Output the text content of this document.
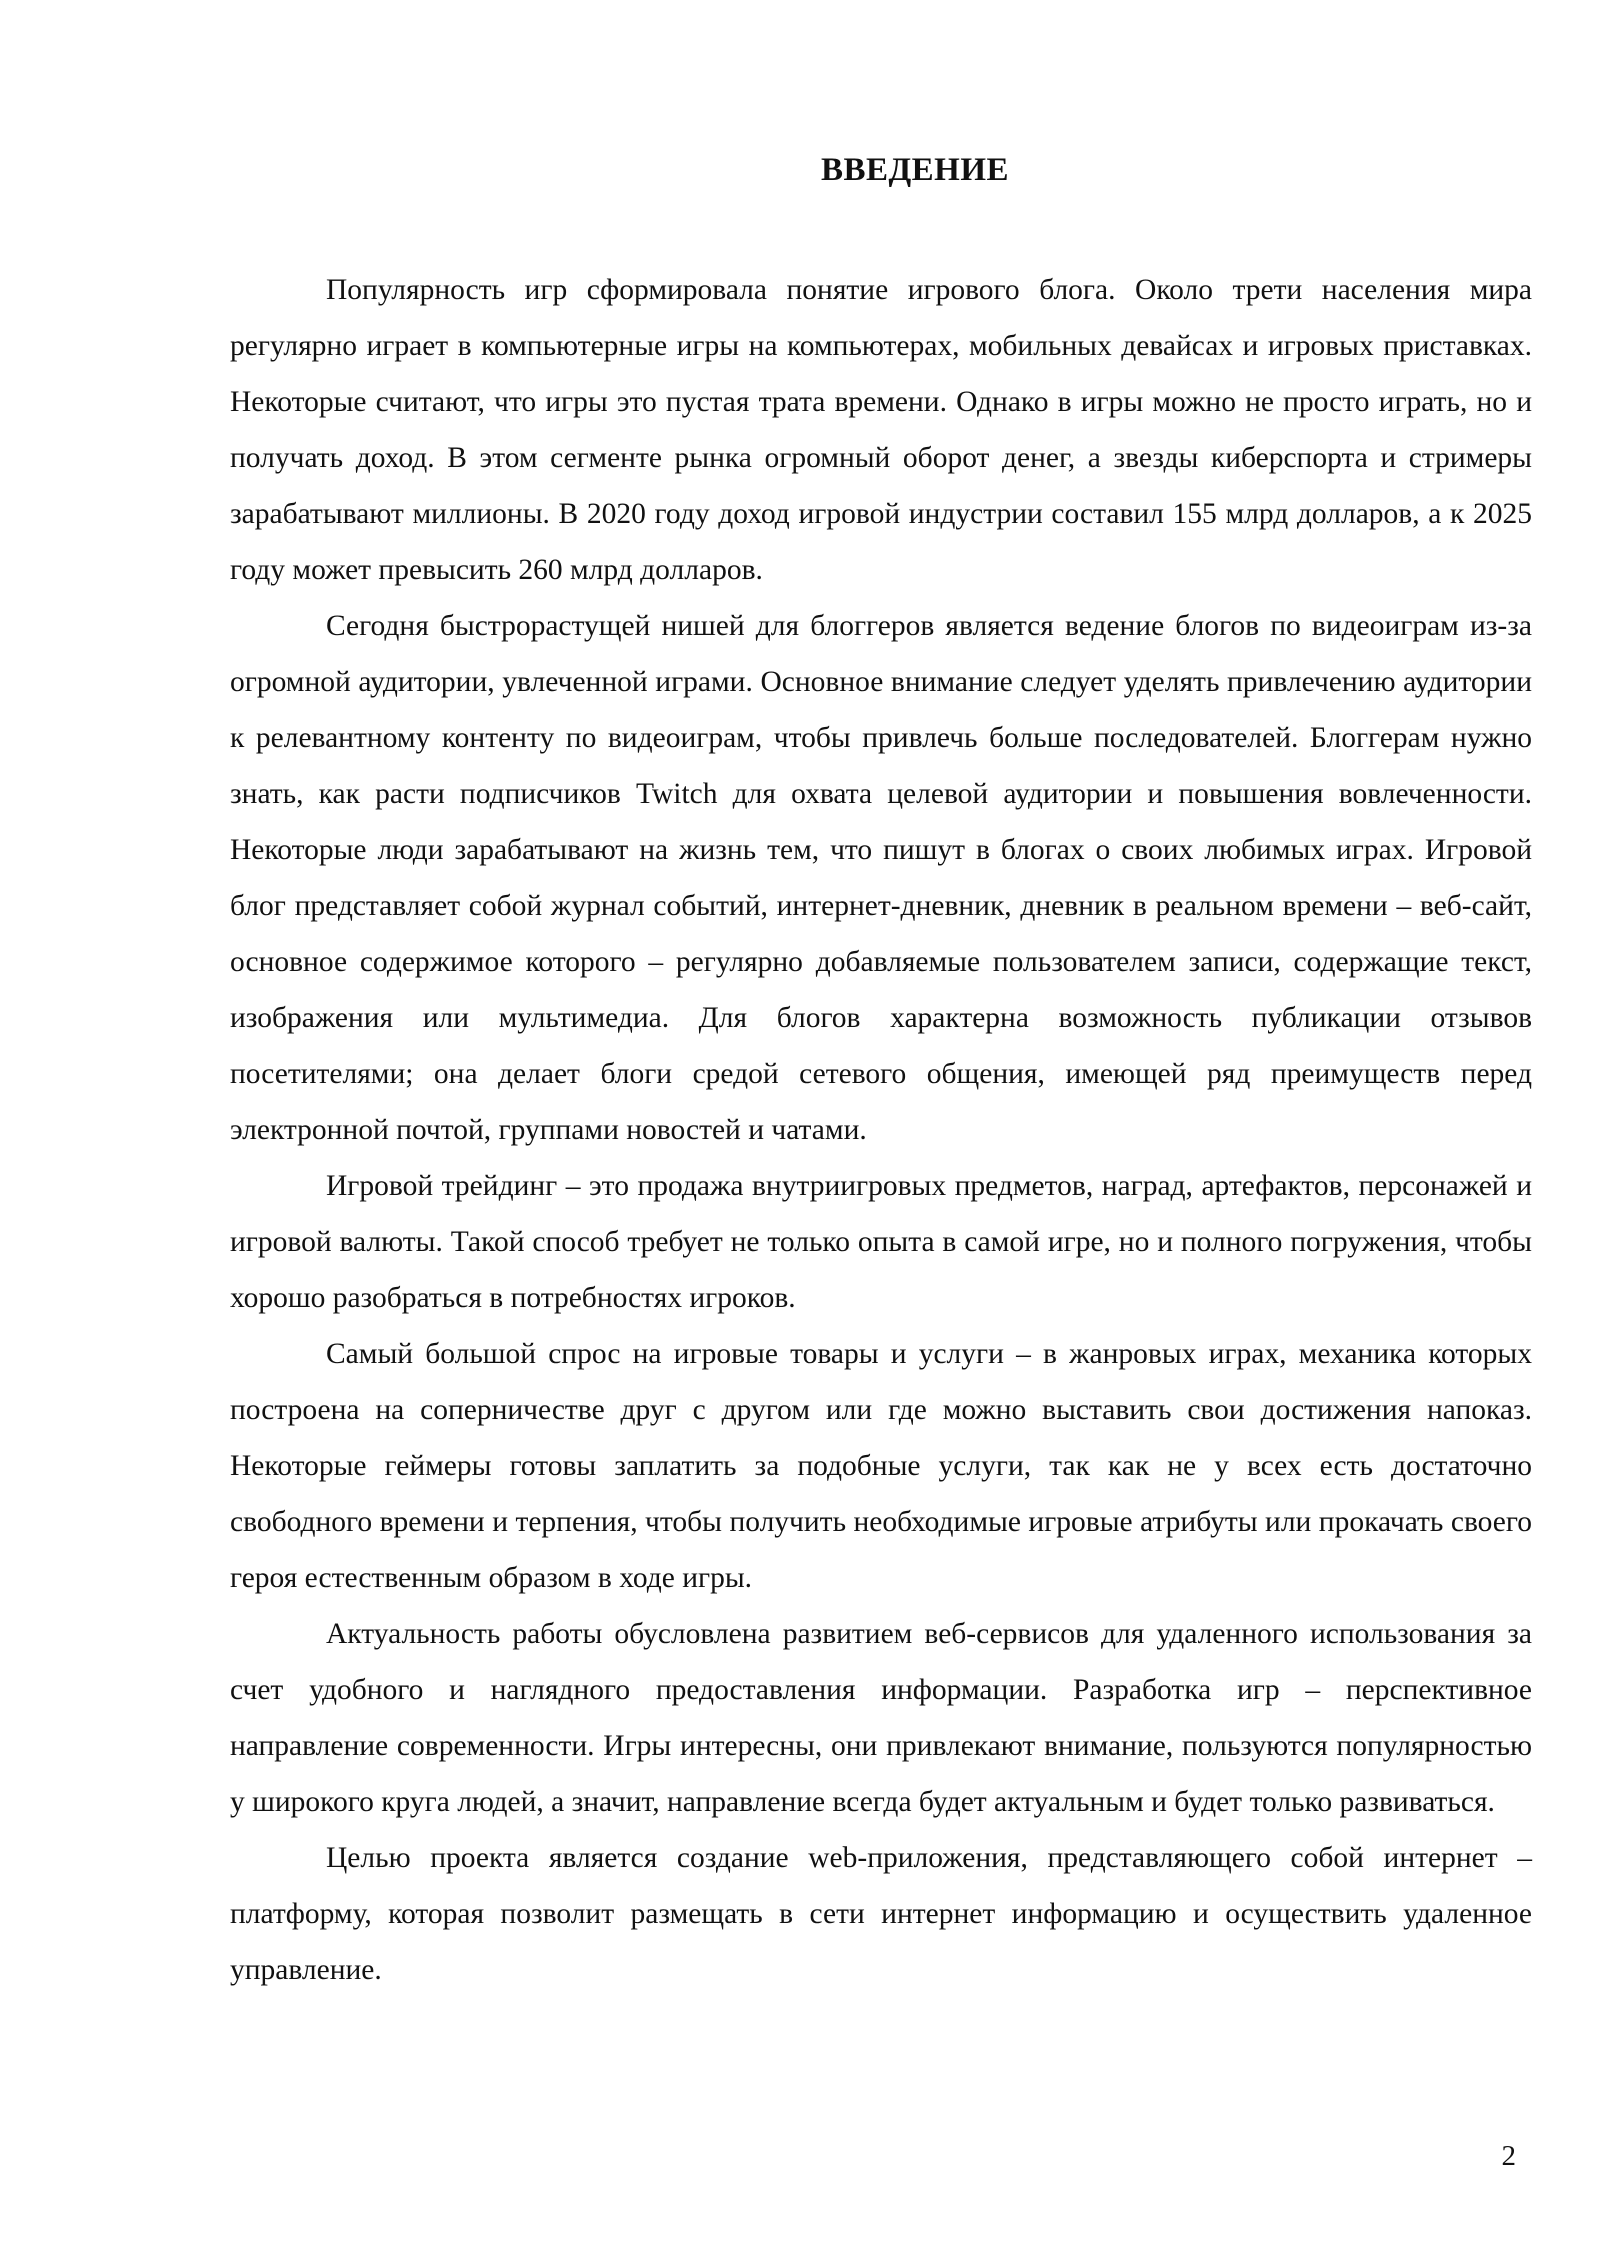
ВВЕДЕНИЕ

Популярность игр сформировала понятие игрового блога. Около трети населения мира регулярно играет в компьютерные игры на компьютерах, мобильных девайсах и игровых приставках. Некоторые считают, что игры это пустая трата времени. Однако в игры можно не просто играть, но и получать доход. В этом сегменте рынка огромный оборот денег, а звезды киберспорта и стримеры зарабатывают миллионы. В 2020 году доход игровой индустрии составил 155 млрд долларов, а к 2025 году может превысить 260 млрд долларов.

Сегодня быстрорастущей нишей для блоггеров является ведение блогов по видеоиграм из-за огромной аудитории, увлеченной играми. Основное внимание следует уделять привлечению аудитории к релевантному контенту по видеоиграм, чтобы привлечь больше последователей. Блоггерам нужно знать, как расти подписчиков Twitch для охвата целевой аудитории и повышения вовлеченности. Некоторые люди зарабатывают на жизнь тем, что пишут в блогах о своих любимых играх. Игровой блог представляет собой журнал событий, интернет-дневник, дневник в реальном времени – веб-сайт, основное содержимое которого – регулярно добавляемые пользователем записи, содержащие текст, изображения или мультимедиа. Для блогов характерна возможность публикации отзывов посетителями; она делает блоги средой сетевого общения, имеющей ряд преимуществ перед электронной почтой, группами новостей и чатами.

Игровой трейдинг – это продажа внутриигровых предметов, наград, артефактов, персонажей и игровой валюты. Такой способ требует не только опыта в самой игре, но и полного погружения, чтобы хорошо разобраться в потребностях игроков.

Самый большой спрос на игровые товары и услуги – в жанровых играх, механика которых построена на соперничестве друг с другом или где можно выставить свои достижения напоказ. Некоторые геймеры готовы заплатить за подобные услуги, так как не у всех есть достаточно свободного времени и терпения, чтобы получить необходимые игровые атрибуты или прокачать своего героя естественным образом в ходе игры.

Актуальность работы обусловлена развитием веб-сервисов для удаленного использования за счет удобного и наглядного предоставления информации. Разработка игр – перспективное направление современности. Игры интересны, они привлекают внимание, пользуются популярностью у широкого круга людей, а значит, направление всегда будет актуальным и будет только развиваться.

Целью проекта является создание web-приложения, представляющего собой интернет – платформу, которая позволит размещать в сети интернет информацию и осуществить удаленное управление.

2
